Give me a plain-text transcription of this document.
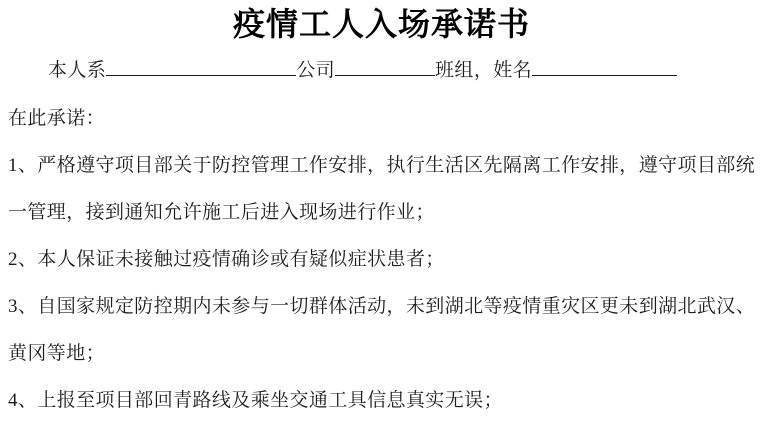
疫情工人入场承诺书
本人系	公司	班组，姓名
在此承诺：
1、严格遵守项目部关于防控管理工作安排，执行生活区先隔离工作安排，遵守项目部统
一管理，接到通知允许施工后进入现场进行作业；
2、本人保证未接触过疫情确诊或有疑似症状患者；
3、自国家规定防控期内未参与一切群体活动，未到湖北等疫情重灾区更未到湖北武汉、
黄冈等地；
4、上报至项目部回青路线及乘坐交通工具信息真实无误；
